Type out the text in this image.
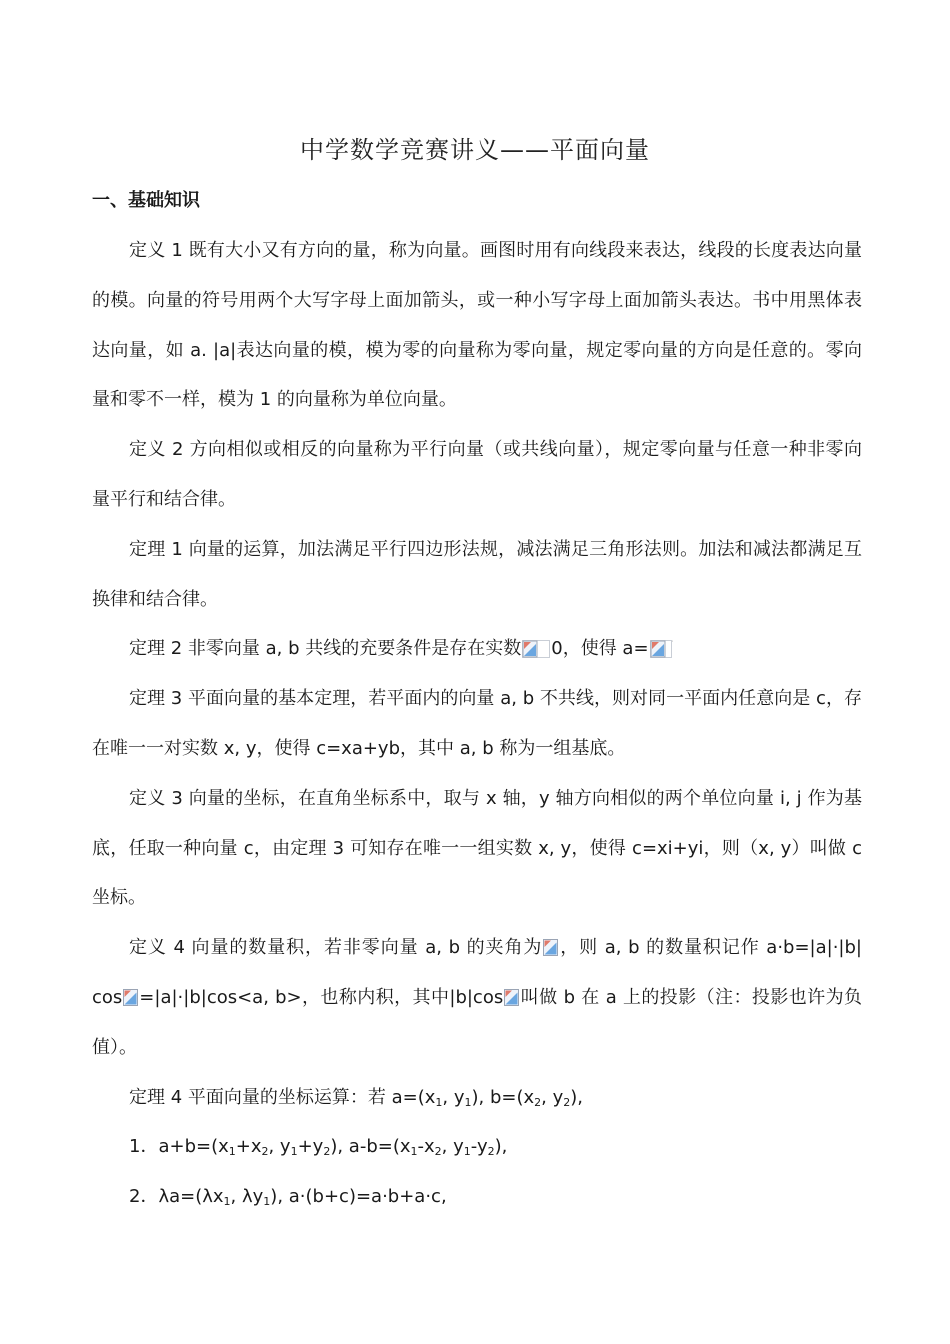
中学数学竞赛讲义——平面向量
一、基础知识

定义 1 既有大小又有方向的量，称为向量。画图时用有向线段来表达，线段的长度表达向量的模。向量的符号用两个大写字母上面加箭头，或一种小写字母上面加箭头表达。书中用黑体表达向量，如 a. |a|表达向量的模，模为零的向量称为零向量，规定零向量的方向是任意的。零向量和零不一样，模为 1 的向量称为单位向量。

定义 2 方向相似或相反的向量称为平行向量（或共线向量），规定零向量与任意一种非零向量平行和结合律。

定理 1 向量的运算，加法满足平行四边形法规，减法满足三角形法则。加法和减法都满足互换律和结合律。

定理 2 非零向量 a, b 共线的充要条件是存在实数 0，使得 a=

定理 3 平面向量的基本定理，若平面内的向量 a, b 不共线，则对同一平面内任意向是 c，存在唯一一对实数 x, y，使得 c=xa+yb，其中 a, b 称为一组基底。

定义 3 向量的坐标，在直角坐标系中，取与 x 轴，y 轴方向相似的两个单位向量 i, j 作为基底，任取一种向量 c，由定理 3 可知存在唯一一组实数 x, y，使得 c=xi+yi，则（x, y）叫做 c 坐标。

定义 4 向量的数量积，若非零向量 a, b 的夹角为 ，则 a, b 的数量积记作 a·b=|a|·|b| cos =|a|·|b|cos<a, b>，也称内积，其中|b|cos 叫做 b 在 a 上的投影（注：投影也许为负值）。

定理 4 平面向量的坐标运算：若 $a=(x_1$, $y_1$), $b=(x_2$, $y_2$),

1．$a+b=(x_1+x_2$, $y_1+y_2$), $a-b=(x_1-x_2$, $y_1-y_2$),

2．$\lambda a=(\lambda x_1$, $\lambda y_1$), a·(b+c)=a·b+a·c,
